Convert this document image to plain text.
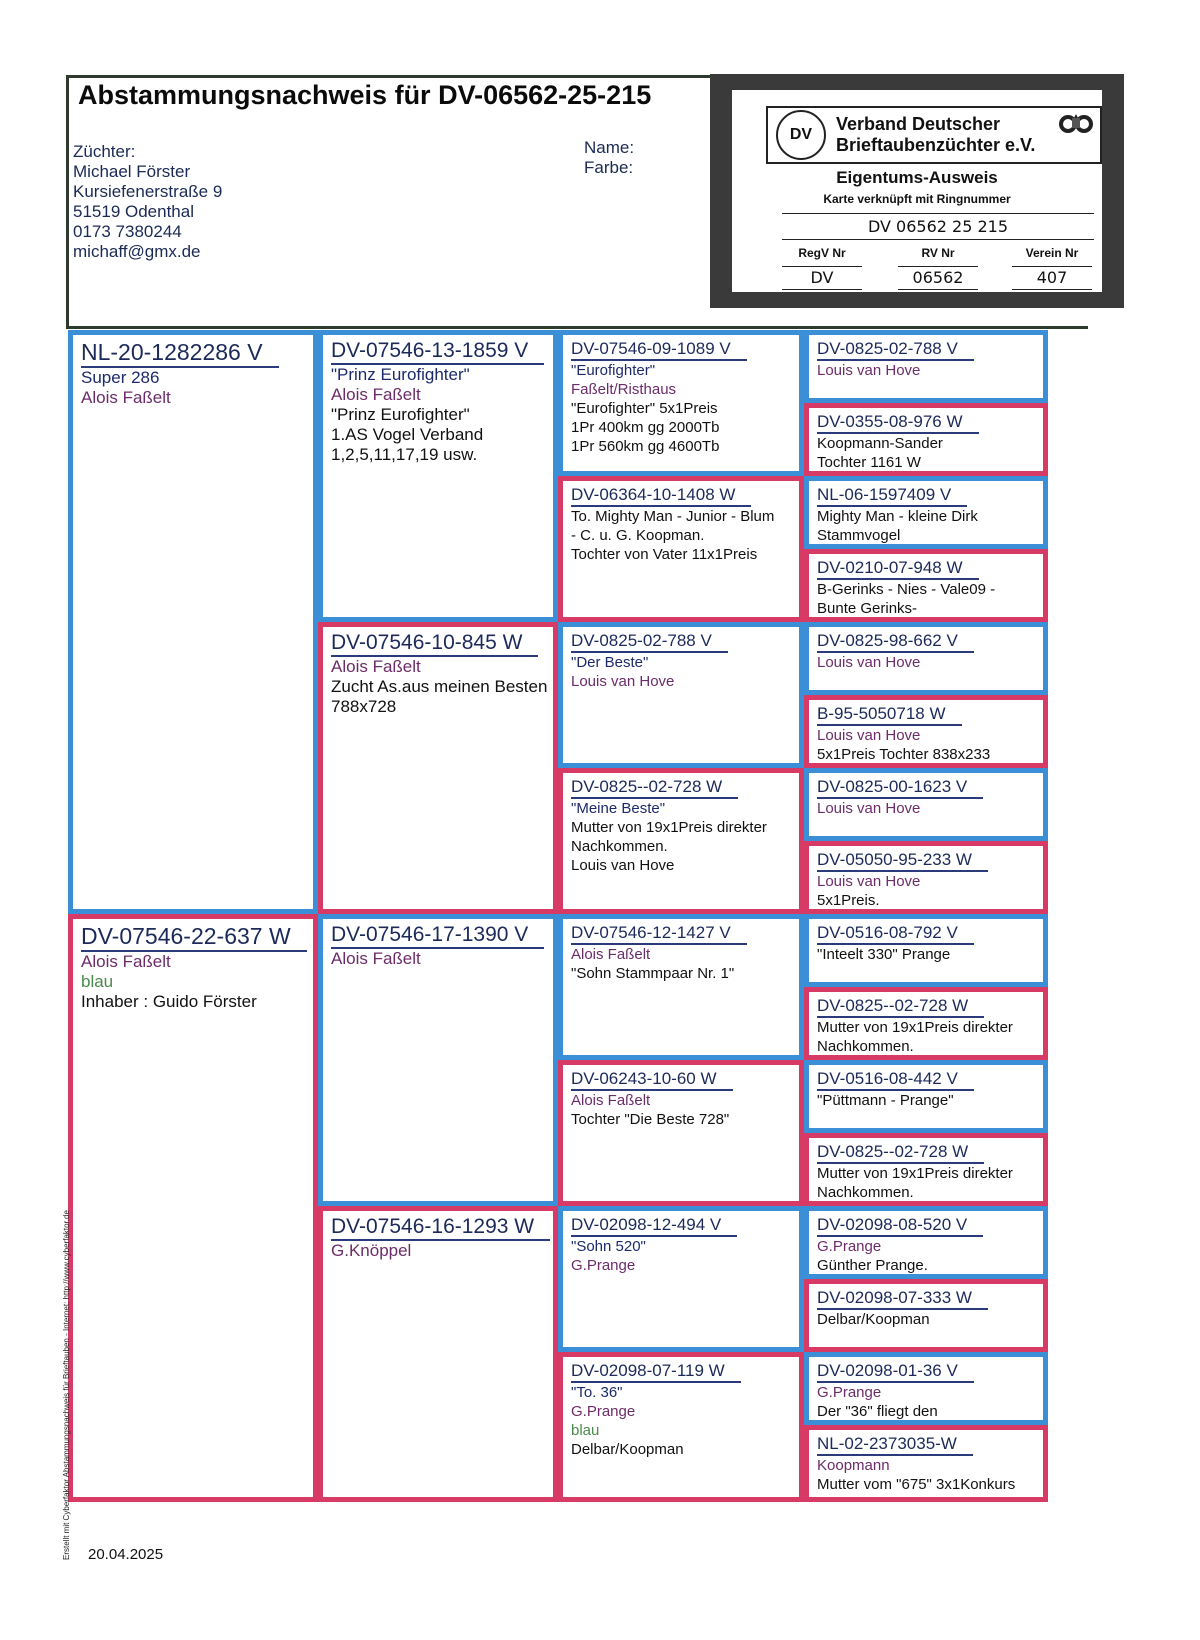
Abstammungsnachweis für DV-06562-25-215
Züchter:
Michael Förster
Kursiefenerstraße 9
51519 Odenthal
0173 7380244
michaff@gmx.de
Name:
Farbe:
DV
Verband Deutscher
Brieftaubenzüchter e.V.
Eigentums-Ausweis
Karte verknüpft mit Ringnummer
DV 06562 25 215
RegV Nr
DV
RV Nr
06562
Verein Nr
407
NL-20-1282286 V
Super 286
Alois Faßelt
DV-07546-22-637 W
Alois Faßelt
blau
Inhaber : Guido Förster
DV-07546-13-1859 V
"Prinz Eurofighter"
Alois Faßelt
"Prinz Eurofighter"
1.AS Vogel Verband
1,2,5,11,17,19 usw.
DV-07546-10-845 W
Alois Faßelt
Zucht As.aus meinen Besten
788x728
DV-07546-17-1390 V
Alois Faßelt
DV-07546-16-1293 W
G.Knöppel
DV-07546-09-1089 V
"Eurofighter"
Faßelt/Risthaus
"Eurofighter" 5x1Preis
1Pr 400km gg 2000Tb
1Pr 560km gg 4600Tb
DV-06364-10-1408 W
To. Mighty Man - Junior - Blum
- C. u. G. Koopman.
Tochter von Vater 11x1Preis
DV-0825-02-788 V
"Der Beste"
Louis van Hove
DV-0825--02-728 W
"Meine Beste"
Mutter von 19x1Preis direkter
Nachkommen.
Louis van Hove
DV-07546-12-1427 V
Alois Faßelt
"Sohn Stammpaar Nr. 1"
DV-06243-10-60 W
Alois Faßelt
Tochter "Die Beste 728"
DV-02098-12-494 V
"Sohn 520"
G.Prange
DV-02098-07-119 W
"To. 36"
G.Prange
blau
Delbar/Koopman
DV-0825-02-788 V
Louis van Hove
DV-0355-08-976 W
Koopmann-Sander
Tochter 1161 W
NL-06-1597409 V
Mighty Man - kleine Dirk
Stammvogel
DV-0210-07-948 W
B-Gerinks - Nies - Vale09 -
Bunte Gerinks-
DV-0825-98-662 V
Louis van Hove
B-95-5050718 W
Louis van Hove
5x1Preis Tochter 838x233
DV-0825-00-1623 V
Louis van Hove
DV-05050-95-233 W
Louis van Hove
5x1Preis.
DV-0516-08-792 V
"Inteelt 330" Prange
DV-0825--02-728 W
Mutter von 19x1Preis direkter
Nachkommen.
DV-0516-08-442 V
"Püttmann - Prange"
DV-0825--02-728 W
Mutter von 19x1Preis direkter
Nachkommen.
DV-02098-08-520 V
G.Prange
Günther Prange.
DV-02098-07-333 W
Delbar/Koopman
DV-02098-01-36 V
G.Prange
Der "36" fliegt den
NL-02-2373035-W
Koopmann
Mutter vom "675" 3x1Konkurs
Erstellt mit Cyberfaktor Abstammungsnachweis für Brieftauben - Internet: http://www.cyberfaktor.de 20.04.2025
